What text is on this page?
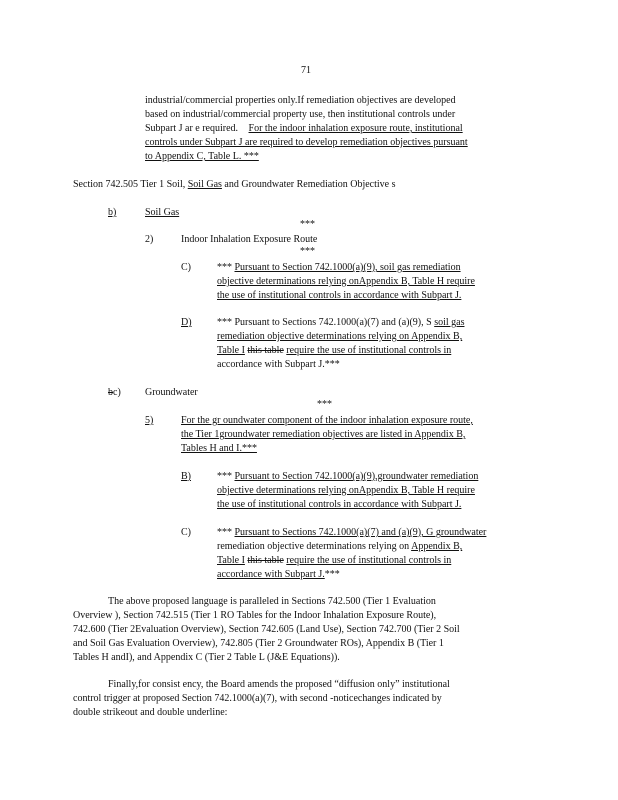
71
industrial/commercial properties only.If remediation objectives are developed
based on industrial/commercial property use, then institutional controls under
Subpart J ar e required. For the indoor inhalation exposure route, institutional
controls under Subpart J are required to develop remediation objectives pursuant
to Appendix C, Table L. ***
Section 742.505 Tier 1 Soil, Soil Gas and Groundwater Remediation Objective s
b)	Soil Gas
***
2)	Indoor Inhalation Exposure Route
***
C)	*** Pursuant to Section 742.1000(a)(9), soil gas remediation
objective determinations relying onAppendix B, Table H require
the use of institutional controls in accordance with Subpart J.
D)	*** Pursuant to Sections 742.1000(a)(7) and (a)(9), S soil gas
remediation objective determinations relying on Appendix B,
Table I this table require the use of institutional controls in
accordance with Subpart J.***
bc) Groundwater
***
5)	For the gr oundwater component of the indoor inhalation exposure route,
the Tier 1groundwater remediation objectives are listed in Appendix B,
Tables H and I.***
B)	*** Pursuant to Section 742.1000(a)(9),groundwater remediation
objective determinations relying onAppendix B, Table H require
the use of institutional controls in accordance with Subpart J.
C)	*** Pursuant to Sections 742.1000(a)(7) and (a)(9), G groundwater
remediation objective determinations relying on Appendix B,
Table I this table require the use of institutional controls in
accordance with Subpart J.***
The above proposed language is paralleled in Sections 742.500 (Tier 1 Evaluation
Overview ), Section 742.515 (Tier 1 RO Tables for the Indoor Inhalation Exposure Route),
742.600 (Tier 2Evaluation Overview), Section 742.605 (Land Use), Section 742.700 (Tier 2 Soil
and Soil Gas Evaluation Overview), 742.805 (Tier 2 Groundwater ROs), Appendix B (Tier 1
Tables H andI), and Appendix C (Tier 2 Table L (J&E Equations)).
Finally,for consist ency, the Board amends the proposed “diffusion only” institutional
control trigger at proposed Section 742.1000(a)(7), with second -noticechanges indicated by
double strikeout and double underline:
